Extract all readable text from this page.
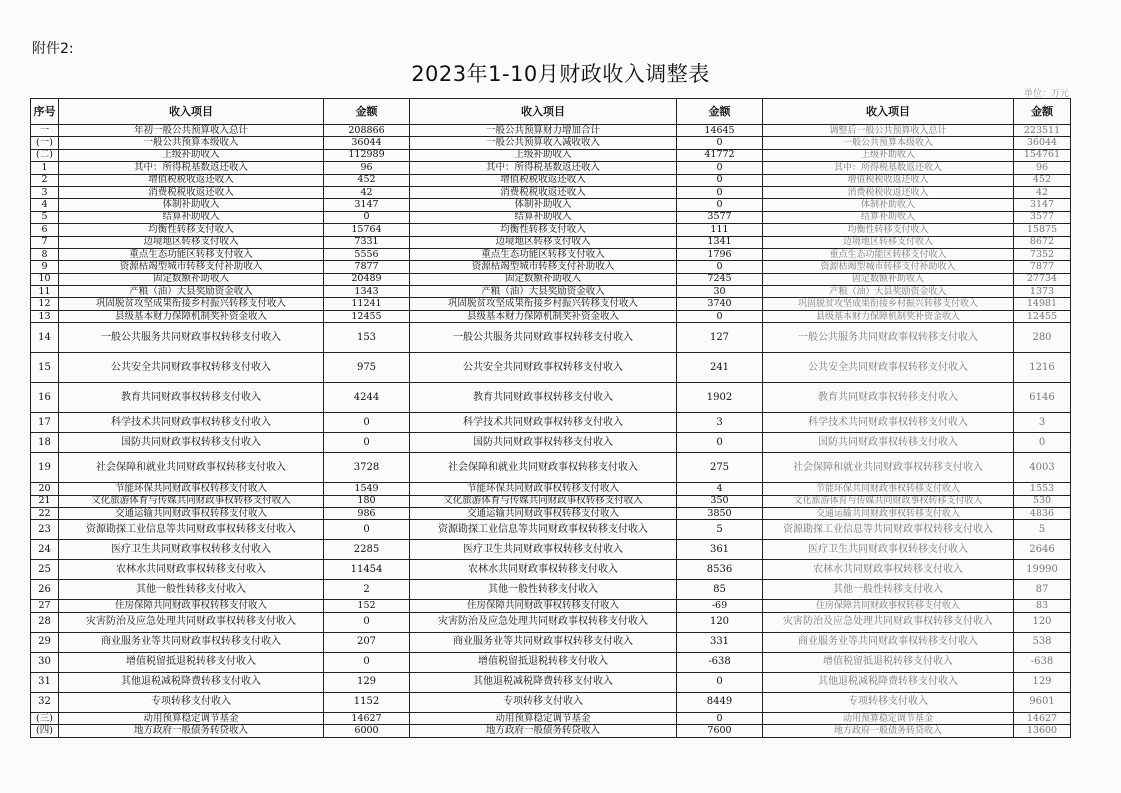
附件2:
2023年1-10月财政收入调整表
单位：万元
序号	收入项目	金额	收入项目	金额	收入项目	金额
一	年初一般公共预算收入总计	208866	一般公共预算财力增加合计	14645	调整后一般公共预算收入总计	223511
(一)	一般公共预算本级收入	36044	一般公共预算收入减收收入	0	一般公共预算本级收入	36044
(二)	上级补助收入	112989	上级补助收入	41772	上级补助收入	154761
1	其中：所得税基数返还收入	96	其中：所得税基数返还收入	0	其中：所得税基数返还收入	96
2	增值税税收返还收入	452	增值税税收返还收入	0	增值税税收返还收入	452
3	消费税税收返还收入	42	消费税税收返还收入	0	消费税税收返还收入	42
4	体制补助收入	3147	体制补助收入	0	体制补助收入	3147
5	结算补助收入	0	结算补助收入	3577	结算补助收入	3577
6	均衡性转移支付收入	15764	均衡性转移支付收入	111	均衡性转移支付收入	15875
7	边境地区转移支付收入	7331	边境地区转移支付收入	1341	边境地区转移支付收入	8672
8	重点生态功能区转移支付收入	5556	重点生态功能区转移支付收入	1796	重点生态功能区转移支付收入	7352
9	资源枯竭型城市转移支付补助收入	7877	资源枯竭型城市转移支付补助收入	0	资源枯竭型城市转移支付补助收入	7877
10	固定数额补助收入	20489	固定数额补助收入	7245	固定数额补助收入	27734
11	产粮（油）大县奖励资金收入	1343	产粮（油）大县奖励资金收入	30	产粮（油）大县奖励资金收入	1373
12	巩固脱贫攻坚成果衔接乡村振兴转移支付收入	11241	巩固脱贫攻坚成果衔接乡村振兴转移支付收入	3740	巩固脱贫攻坚成果衔接乡村振兴转移支付收入	14981
13	县级基本财力保障机制奖补资金收入	12455	县级基本财力保障机制奖补资金收入	0	县级基本财力保障机制奖补资金收入	12455
14	一般公共服务共同财政事权转移支付收入	153	一般公共服务共同财政事权转移支付收入	127	一般公共服务共同财政事权转移支付收入	280
15	公共安全共同财政事权转移支付收入	975	公共安全共同财政事权转移支付收入	241	公共安全共同财政事权转移支付收入	1216
16	教育共同财政事权转移支付收入	4244	教育共同财政事权转移支付收入	1902	教育共同财政事权转移支付收入	6146
17	科学技术共同财政事权转移支付收入	0	科学技术共同财政事权转移支付收入	3	科学技术共同财政事权转移支付收入	3
18	国防共同财政事权转移支付收入	0	国防共同财政事权转移支付收入	0	国防共同财政事权转移支付收入	0
19	社会保障和就业共同财政事权转移支付收入	3728	社会保障和就业共同财政事权转移支付收入	275	社会保障和就业共同财政事权转移支付收入	4003
20	节能环保共同财政事权转移支付收入	1549	节能环保共同财政事权转移支付收入	4	节能环保共同财政事权转移支付收入	1553
21	文化旅游体育与传媒共同财政事权转移支付收入	180	文化旅游体育与传媒共同财政事权转移支付收入	350	文化旅游体育与传媒共同财政事权转移支付收入	530
22	交通运输共同财政事权转移支付收入	986	交通运输共同财政事权转移支付收入	3850	交通运输共同财政事权转移支付收入	4836
23	资源勘探工业信息等共同财政事权转移支付收入	0	资源勘探工业信息等共同财政事权转移支付收入	5	资源勘探工业信息等共同财政事权转移支付收入	5
24	医疗卫生共同财政事权转移支付收入	2285	医疗卫生共同财政事权转移支付收入	361	医疗卫生共同财政事权转移支付收入	2646
25	农林水共同财政事权转移支付收入	11454	农林水共同财政事权转移支付收入	8536	农林水共同财政事权转移支付收入	19990
26	其他一般性转移支付收入	2	其他一般性转移支付收入	85	其他一般性转移支付收入	87
27	住房保障共同财政事权转移支付收入	152	住房保障共同财政事权转移支付收入	-69	住房保障共同财政事权转移支付收入	83
28	灾害防治及应急处理共同财政事权转移支付收入	0	灾害防治及应急处理共同财政事权转移支付收入	120	灾害防治及应急处理共同财政事权转移支付收入	120
29	商业服务业等共同财政事权转移支付收入	207	商业服务业等共同财政事权转移支付收入	331	商业服务业等共同财政事权转移支付收入	538
30	增值税留抵退税转移支付收入	0	增值税留抵退税转移支付收入	-638	增值税留抵退税转移支付收入	-638
31	其他退税减税降费转移支付收入	129	其他退税减税降费转移支付收入	0	其他退税减税降费转移支付收入	129
32	专项转移支付收入	1152	专项转移支付收入	8449	专项转移支付收入	9601
(三)	动用预算稳定调节基金	14627	动用预算稳定调节基金	0	动用预算稳定调节基金	14627
(四)	地方政府一般债务转贷收入	6000	地方政府一般债务转贷收入	7600	地方政府一般债务转贷收入	13600
